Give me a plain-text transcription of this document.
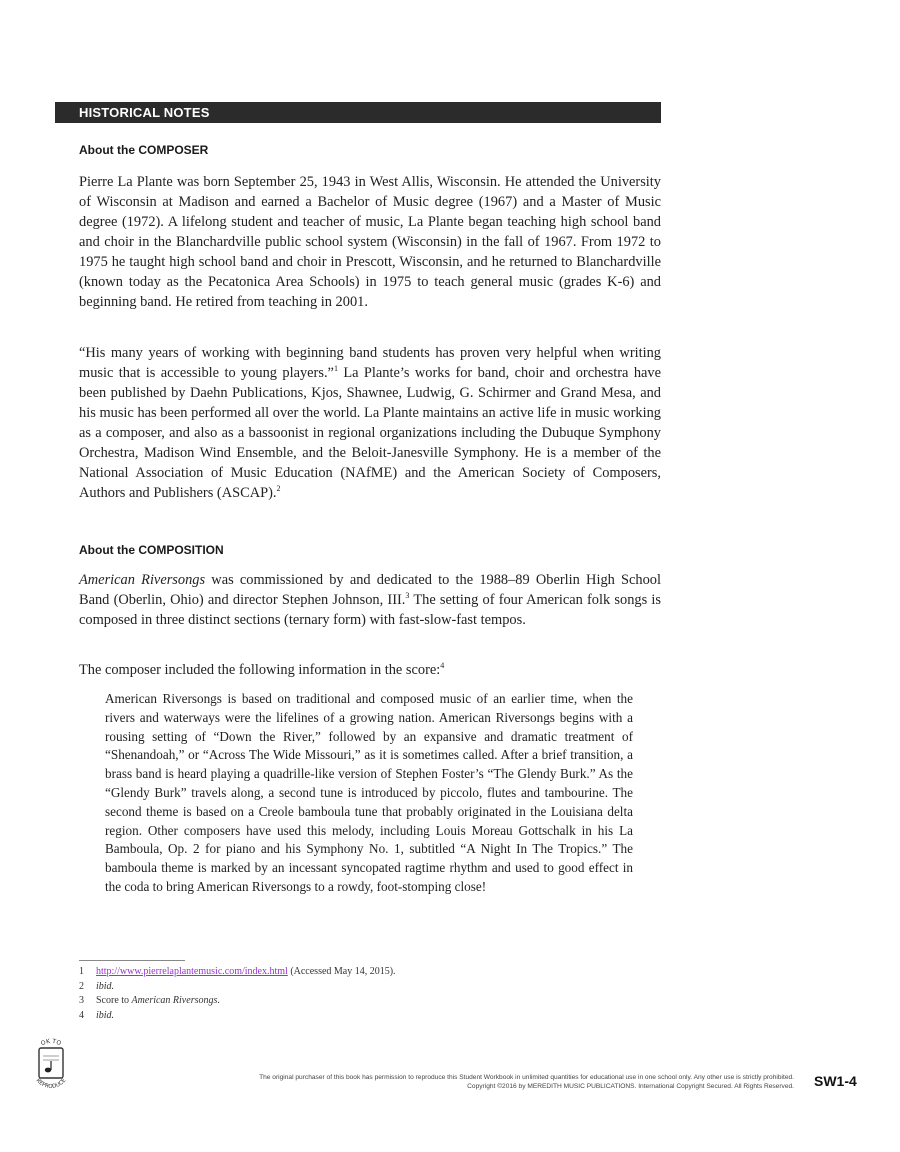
HISTORICAL NOTES
About the COMPOSER

Pierre La Plante was born September 25, 1943 in West Allis, Wisconsin. He attended the University of Wisconsin at Madison and earned a Bachelor of Music degree (1967) and a Master of Music degree (1972). A lifelong student and teacher of music, La Plante began teaching high school band and choir in the Blanchardville public school system (Wisconsin) in the fall of 1967. From 1972 to 1975 he taught high school band and choir in Prescott, Wisconsin, and he returned to Blanchardville (known today as the Pecatonica Area Schools) in 1975 to teach general music (grades K-6) and beginning band. He retired from teaching in 2001.

“His many years of working with beginning band students has proven very helpful when writing music that is accessible to young players.”$^1$ La Plante’s works for band, choir and orchestra have been published by Daehn Publications, Kjos, Shawnee, Ludwig, G. Schirmer and Grand Mesa, and his music has been performed all over the world. La Plante maintains an active life in music working as a composer, and also as a bassoonist in regional organizations including the Dubuque Symphony Orchestra, Madison Wind Ensemble, and the Beloit-Janesville Symphony. He is a member of the National Association of Music Education (NAfME) and the American Society of Composers, Authors and Publishers (ASCAP).$^2$

About the COMPOSITION

American Riversongs was commissioned by and dedicated to the 1988–89 Oberlin High School Band (Oberlin, Ohio) and director Stephen Johnson, III.$^3$ The setting of four American folk songs is composed in three distinct sections (ternary form) with fast-slow-fast tempos.

The composer included the following information in the score:$^4$

American Riversongs is based on traditional and composed music of an earlier time, when the rivers and waterways were the lifelines of a growing nation. American Riversongs begins with a rousing setting of “Down the River,” followed by an expansive and dramatic treatment of “Shenandoah,” or “Across The Wide Missouri,” as it is sometimes called. After a brief transition, a brass band is heard playing a quadrille-like version of Stephen Foster’s “The Glendy Burk.” As the “Glendy Burk” travels along, a second tune is introduced by piccolo, flutes and tambourine. The second theme is based on a Creole bamboula tune that probably originated in the Louisiana delta region. Other composers have used this melody, including Louis Moreau Gottschalk in his La Bamboula, Op. 2 for piano and his Symphony No. 1, subtitled “A Night In The Tropics.” The bamboula theme is marked by an incessant syncopated ragtime rhythm and used to good effect in the coda to bring American Riversongs to a rowdy, foot-stomping close!

1	http://www.pierrelaplantemusic.com/index.html (Accessed May 14, 2015).
2	ibid.
3	Score to American Riversongs.
4	ibid.
OK TO
REPRODUCE
The original purchaser of this book has permission to reproduce this Student Workbook in unlimited quantities for educational use in one school only. Any other use is strictly prohibited.
Copyright ©2016 by MEREDITH MUSIC PUBLICATIONS. International Copyright Secured. All Rights Reserved. SW1-4
